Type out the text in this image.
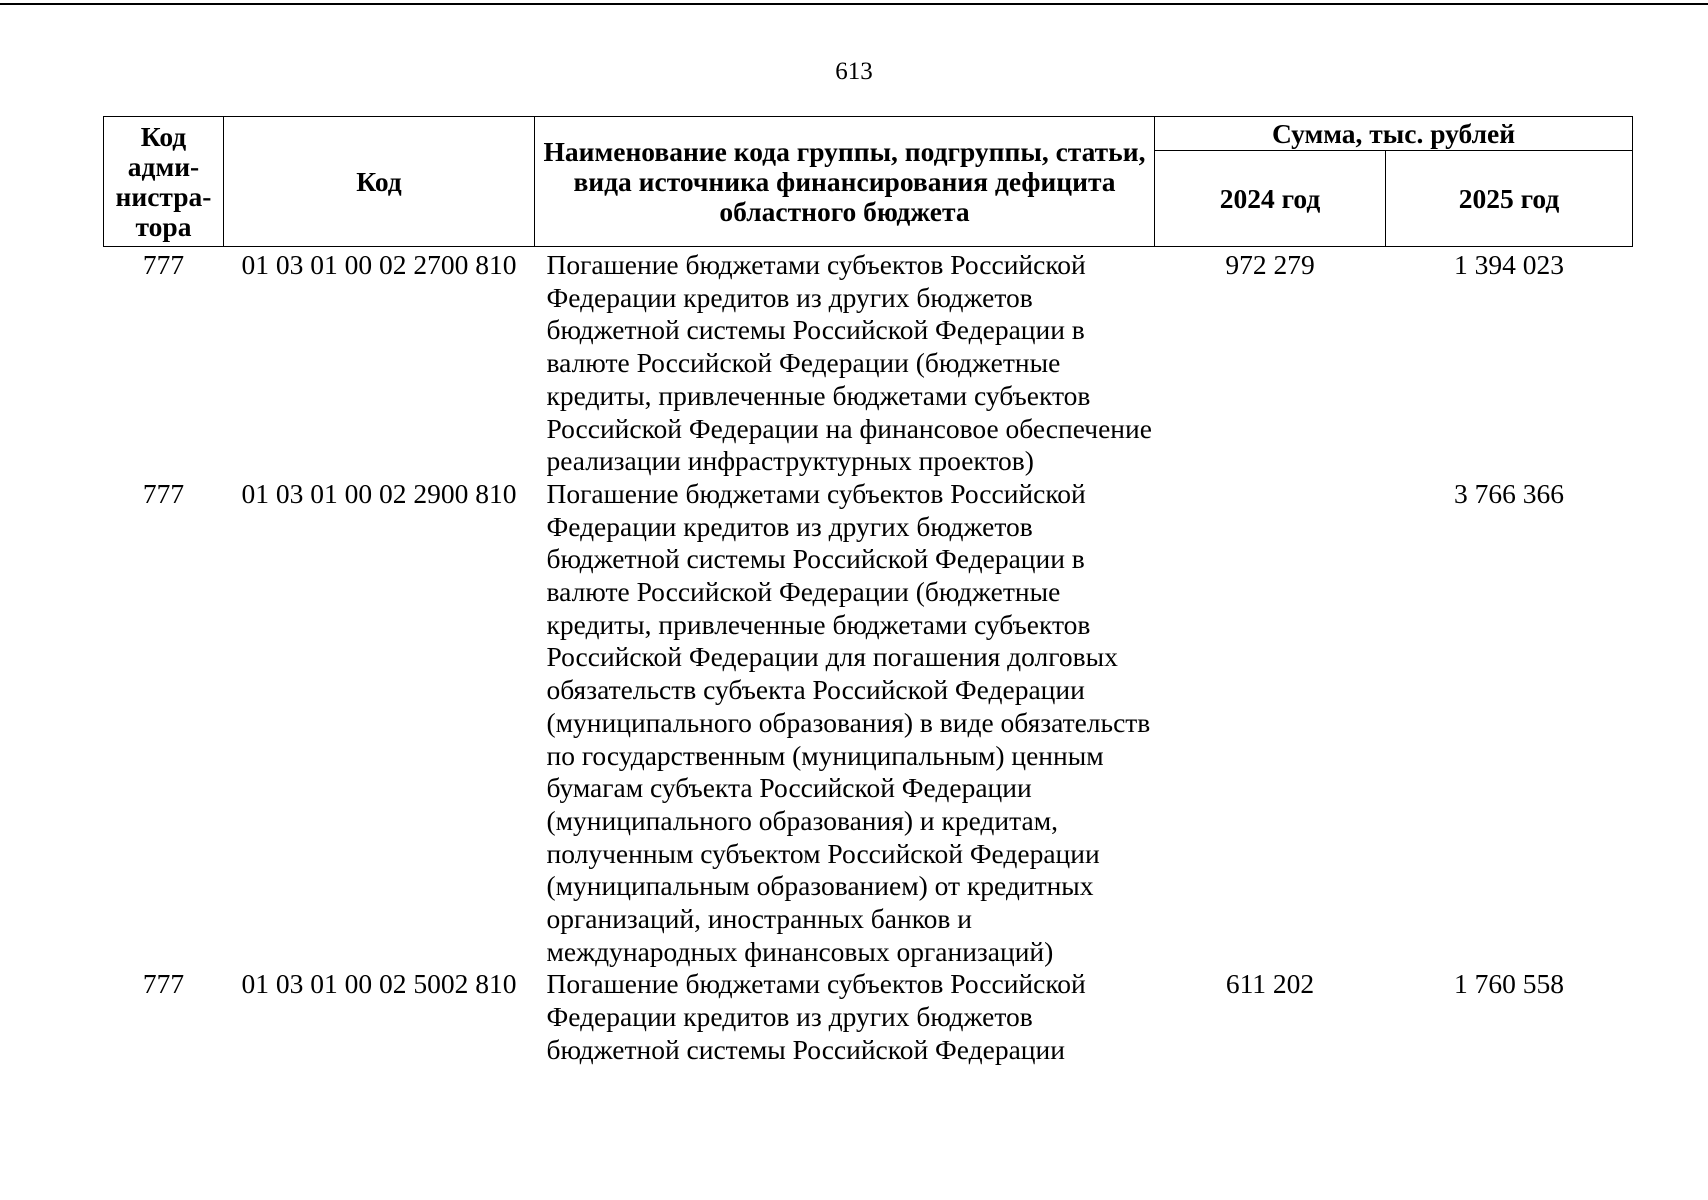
613
Код адми-нистра-тора	Код	Наименование кода группы, подгруппы, статьи, вида источника финансирования дефицита областного бюджета	Сумма, тыс. рублей	
			2024 год	2025 год
777	01 03 01 00 02 2700 810	Погашение бюджетами субъектов Российской Федерации кредитов из других бюджетов бюджетной системы Российской Федерации в валюте Российской Федерации (бюджетные кредиты, привлеченные бюджетами субъектов Российской Федерации на финансовое обеспечение реализации инфраструктурных проектов)	972 279	1 394 023
777	01 03 01 00 02 2900 810	Погашение бюджетами субъектов Российской Федерации кредитов из других бюджетов бюджетной системы Российской Федерации в валюте Российской Федерации (бюджетные кредиты, привлеченные бюджетами субъектов Российской Федерации для погашения долговых обязательств субъекта Российской Федерации (муниципального образования) в виде обязательств по государственным (муниципальным) ценным бумагам субъекта Российской Федерации (муниципального образования) и кредитам, полученным субъектом Российской Федерации (муниципальным образованием) от кредитных организаций, иностранных банков и международных финансовых организаций)		3 766 366
777	01 03 01 00 02 5002 810	Погашение бюджетами субъектов Российской Федерации кредитов из других бюджетов бюджетной системы Российской Федерации	611 202	1 760 558
